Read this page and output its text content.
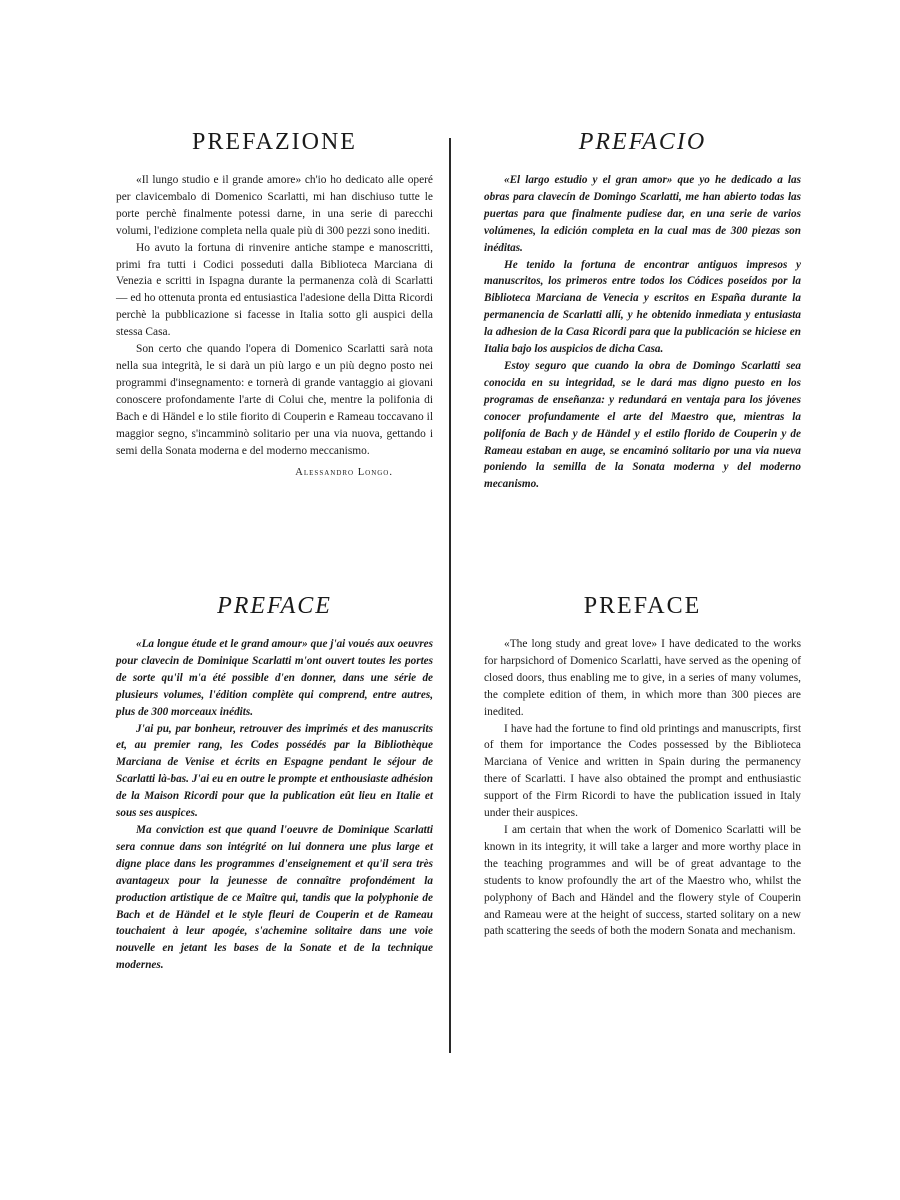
PREFAZIONE

«Il lungo studio e il grande amore» ch'io ho dedicato alle operé per clavicembalo di Domenico Scarlatti, mi han dischiuso tutte le porte perchè finalmente potessi darne, in una serie di parecchi volumi, l'edizione completa nella quale più di 300 pezzi sono inediti.

Ho avuto la fortuna di rinvenire antiche stampe e manoscritti, primi fra tutti i Codici posseduti dalla Biblioteca Marciana di Venezia e scritti in Ispagna durante la permanenza colà di Scarlatti — ed ho ottenuta pronta ed entusiastica l'adesione della Ditta Ricordi perchè la pubblicazione si facesse in Italia sotto gli auspici della stessa Casa.

Son certo che quando l'opera di Domenico Scarlatti sarà nota nella sua integrità, le si darà un più largo e un più degno posto nei programmi d'insegnamento: e tornerà di grande vantaggio ai giovani conoscere profondamente l'arte di Colui che, mentre la polifonia di Bach e di Händel e lo stile fiorito di Couperin e Rameau toccavano il maggior segno, s'incamminò solitario per una via nuova, gettando i semi della Sonata moderna e del moderno meccanismo.

Alessandro Longo.
PREFACIO

«El largo estudio y el gran amor» que yo he dedicado a las obras para clavecín de Domingo Scarlatti, me han abierto todas las puertas para que finalmente pudiese dar, en una serie de varios volúmenes, la edición completa en la cual mas de 300 piezas son inéditas.

He tenido la fortuna de encontrar antiguos impresos y manuscritos, los primeros entre todos los Códices poseídos por la Biblioteca Marciana de Venecia y escritos en España durante la permanencia de Scarlatti allí, y he obtenido inmediata y entusiasta la adhesion de la Casa Ricordi para que la publicación se hiciese en Italia bajo los auspicios de dicha Casa.

Estoy seguro que cuando la obra de Domingo Scarlatti sea conocida en su integridad, se le dará mas digno puesto en los programas de enseñanza: y redundará en ventaja para los jóvenes conocer profundamente el arte del Maestro que, mientras la polifonía de Bach y de Händel y el estilo florido de Couperin y de Rameau estaban en auge, se encaminó solitario por una via nueva poniendo la semilla de la Sonata moderna y del moderno mecanismo.

PREFACE

«La longue étude et le grand amour» que j'ai voués aux oeuvres pour clavecin de Dominique Scarlatti m'ont ouvert toutes les portes de sorte qu'il m'a été possible d'en donner, dans une série de plusieurs volumes, l'édition complète qui comprend, entre autres, plus de 300 morceaux inédits.

J'ai pu, par bonheur, retrouver des imprimés et des manuscrits et, au premier rang, les Codes possédés par la Bibliothèque Marciana de Venise et écrits en Espagne pendant le séjour de Scarlatti là-bas. J'ai eu en outre le prompte et enthousiaste adhésion de la Maison Ricordi pour que la publication eût lieu en Italie et sous ses auspices.

Ma conviction est que quand l'oeuvre de Dominique Scarlatti sera connue dans son intégrité on lui donnera une plus large et digne place dans les programmes d'enseignement et qu'il sera très avantageux pour la jeunesse de connaître profondément la production artistique de ce Maître qui, tandis que la polyphonie de Bach et de Händel et le style fleuri de Couperin et de Rameau touchaient à leur apogée, s'achemine solitaire dans une voie nouvelle en jetant les bases de la Sonate et de la technique modernes.

PREFACE

«The long study and great love» I have dedicated to the works for harpsichord of Domenico Scarlatti, have served as the opening of closed doors, thus enabling me to give, in a series of many volumes, the complete edition of them, in which more than 300 pieces are inedited.

I have had the fortune to find old printings and manuscripts, first of them for importance the Codes possessed by the Biblioteca Marciana of Venice and written in Spain during the permanency there of Scarlatti. I have also obtained the prompt and enthusiastic support of the Firm Ricordi to have the publication issued in Italy under their auspices.

I am certain that when the work of Domenico Scarlatti will be known in its integrity, it will take a larger and more worthy place in the teaching programmes and will be of great advantage to the students to know profoundly the art of the Maestro who, whilst the polyphony of Bach and Händel and the flowery style of Couperin and Rameau were at the height of success, started solitary on a new path scattering the seeds of both the modern Sonata and mechanism.
